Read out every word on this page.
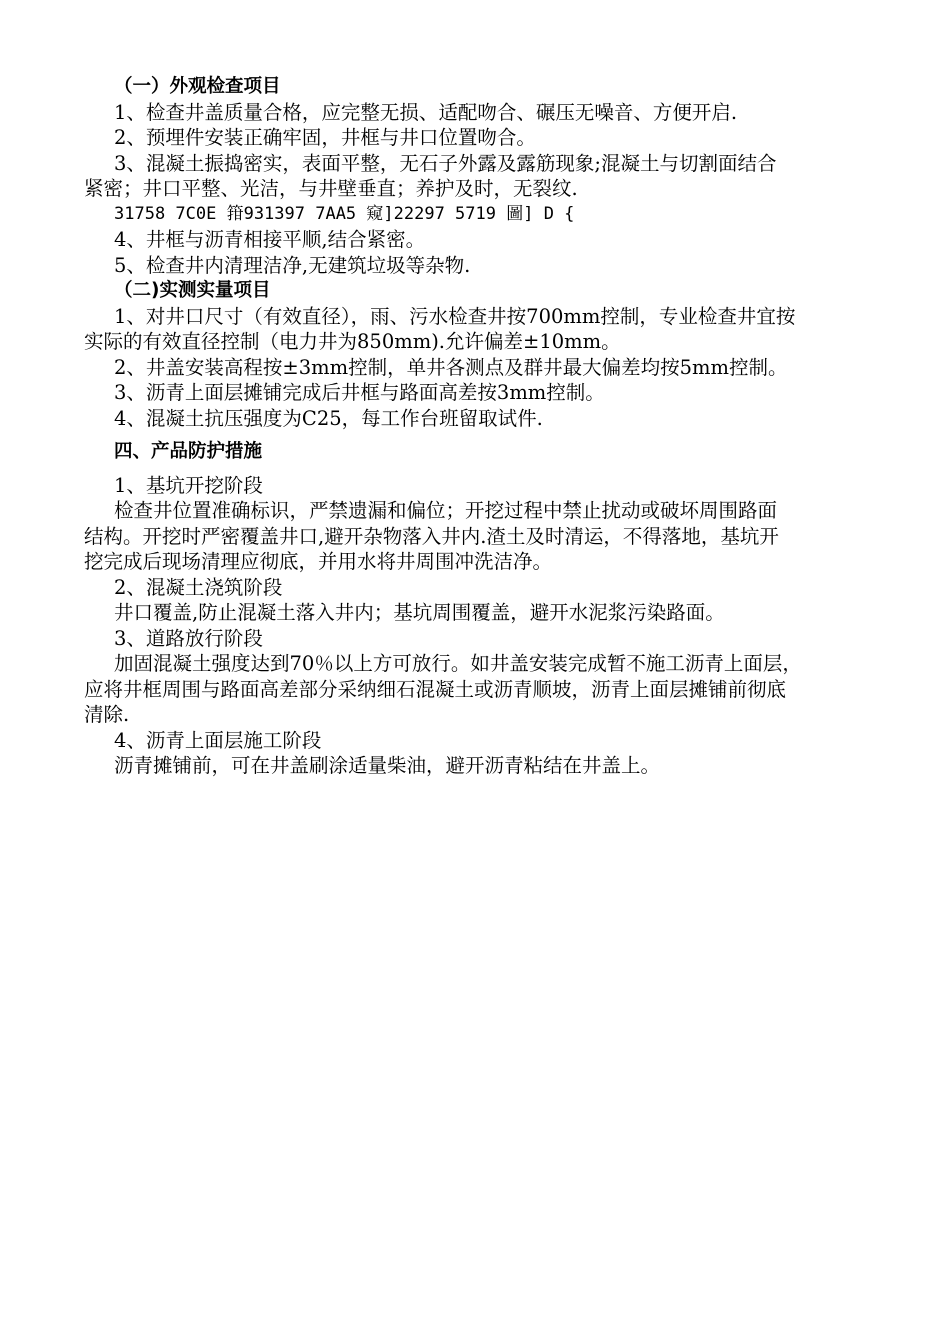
（一）外观检查项目
1、检查井盖质量合格，应完整无损、适配吻合、碾压无噪音、方便开启.
2、预埋件安装正确牢固，井框与井口位置吻合。
3、混凝土振捣密实，表面平整，无石子外露及露筋现象;混凝土与切割面结合
紧密；井口平整、光洁，与井壁垂直；养护及时，无裂纹.
31758 7C0E 箝931397 7AA5 窥]22297 5719 圖] D {
4、井框与沥青相接平顺,结合紧密。
5、检查井内清理洁净,无建筑垃圾等杂物.
（二)实测实量项目
1、对井口尺寸（有效直径），雨、污水检查井按700mm控制，专业检查井宜按
实际的有效直径控制（电力井为850mm).允许偏差±10mm。
2、井盖安装高程按±3mm控制，单井各测点及群井最大偏差均按5mm控制。
3、沥青上面层摊铺完成后井框与路面高差按3mm控制。
4、混凝土抗压强度为C25，每工作台班留取试件.
四、产品防护措施
1、基坑开挖阶段
检查井位置准确标识，严禁遗漏和偏位；开挖过程中禁止扰动或破坏周围路面
结构。开挖时严密覆盖井口,避开杂物落入井内.渣土及时清运，不得落地，基坑开
挖完成后现场清理应彻底，并用水将井周围冲洗洁净。
2、混凝土浇筑阶段
井口覆盖,防止混凝土落入井内；基坑周围覆盖，避开水泥浆污染路面。
3、道路放行阶段
加固混凝土强度达到70％以上方可放行。如井盖安装完成暂不施工沥青上面层，
应将井框周围与路面高差部分采纳细石混凝土或沥青顺坡，沥青上面层摊铺前彻底
清除.
4、沥青上面层施工阶段
沥青摊铺前，可在井盖刷涂适量柴油，避开沥青粘结在井盖上。
